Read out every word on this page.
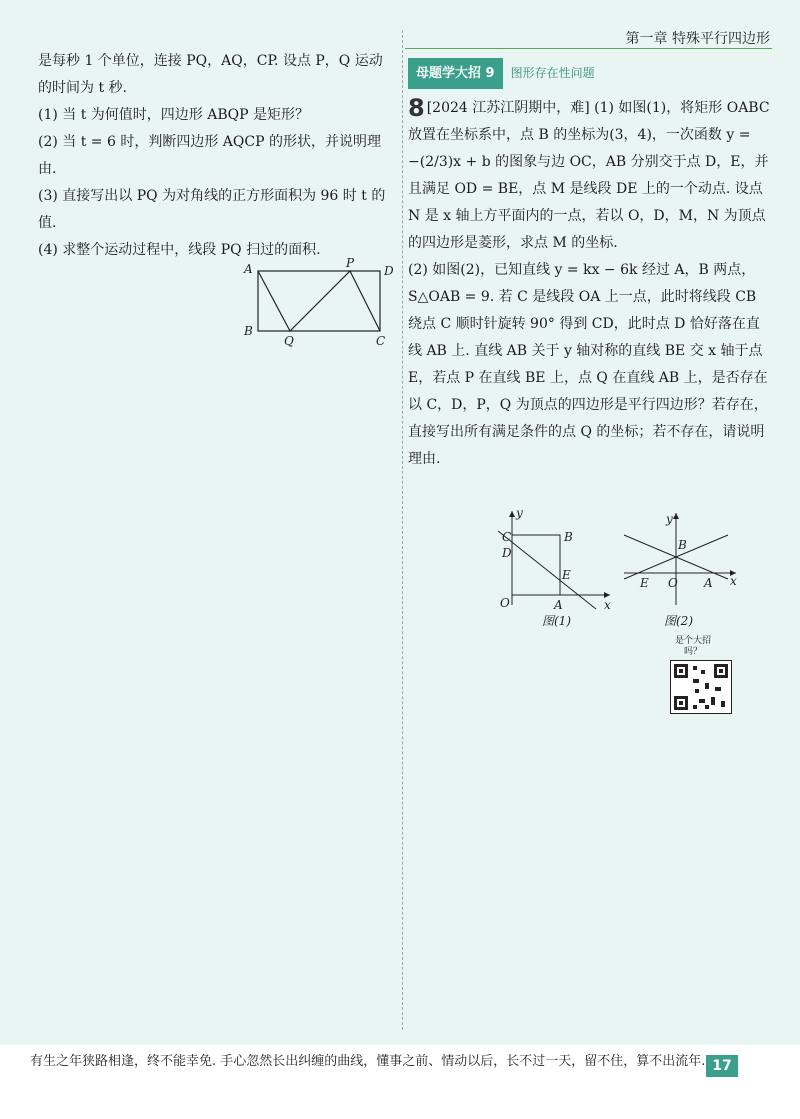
第一章 特殊平行四边形

是每秒 1 个单位，连接 PQ，AQ，CP. 设点 P，Q 运动的时间为 t 秒.

(1) 当 t 为何值时，四边形 ABQP 是矩形？

(2) 当 t = 6 时，判断四边形 AQCP 的形状，并说明理由.

(3) 直接写出以 PQ 为对角线的正方形面积为 96 时 t 的值.

(4) 求整个运动过程中，线段 PQ 扫过的面积.

A	P
D
B
Q	C
母题学大招 9	图形存在性问题
8 [2024 江苏江阴期中，难] (1) 如图(1)，将矩形 OABC 放置在坐标系中，点 B 的坐标为(3，4)，一次函数 y = −(2/3)x + b 的图象与边 OC，AB 分别交于点 D，E，并且满足 OD = BE，点 M 是线段 DE 上的一个动点. 设点 N 是 x 轴上方平面内的一点，若以 O，D，M，N 为顶点的四边形是菱形，求点 M 的坐标.

(2) 如图(2)，已知直线 y = kx − 6k 经过 A，B 两点，S△OAB = 9. 若 C 是线段 OA 上一点，此时将线段 CB 绕点 C 顺时针旋转 90° 得到 CD，此时点 D 恰好落在直线 AB 上. 直线 AB 关于 y 轴对称的直线 BE 交 x 轴于点 E，若点 P 在直线 BE 上，点 Q 在直线 AB 上，是否存在以 C，D，P，Q 为顶点的四边形是平行四边形？若存在，直接写出所有满足条件的点 Q 的坐标；若不存在，请说明理由.

y
x
C	B
D
E
O	A
图(1)
y
x
B
E O A
图(2)
是个大招吗？
有生之年狭路相逢，终不能幸免. 手心忽然长出纠缠的曲线，懂事之前、情动以后，长不过一天，留不住，算不出流年. 17
